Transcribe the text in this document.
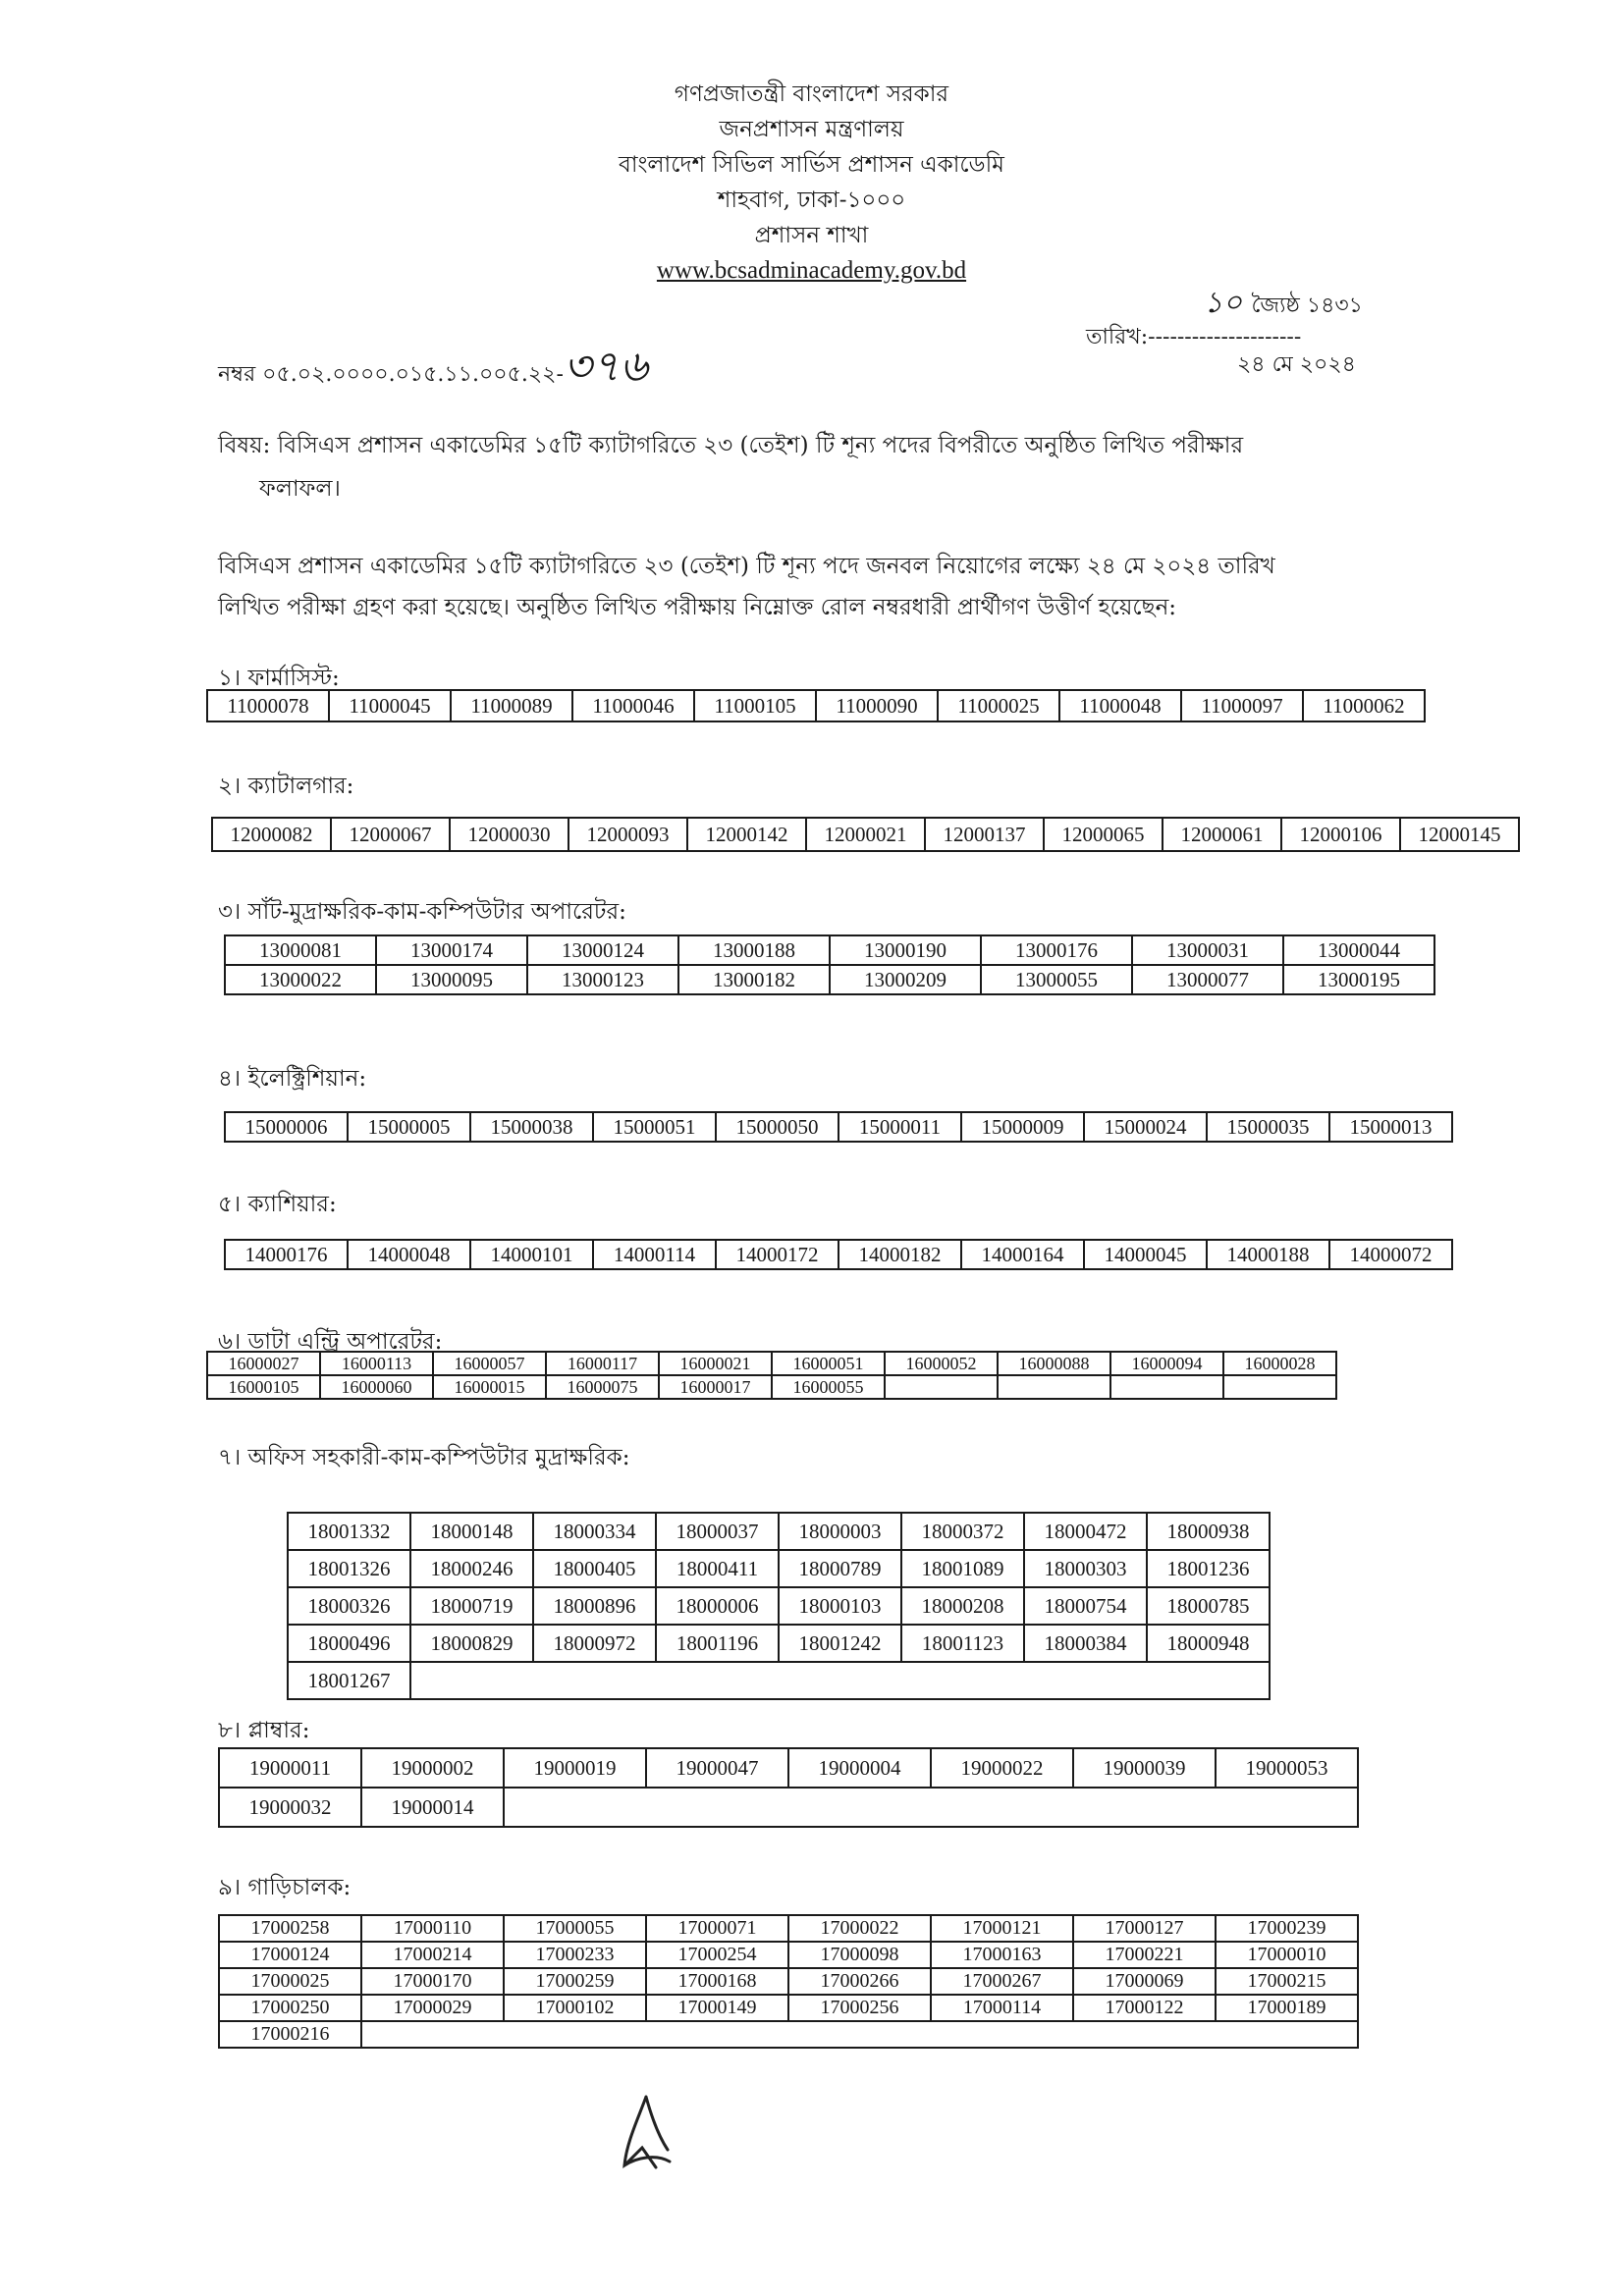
গণপ্রজাতন্ত্রী বাংলাদেশ সরকার
জনপ্রশাসন মন্ত্রণালয়
বাংলাদেশ সিভিল সার্ভিস প্রশাসন একাডেমি
শাহবাগ, ঢাকা-১০০০
প্রশাসন শাখা
www.bcsadminacademy.gov.bd
নম্বর ০৫.০২.০০০০.০১৫.১১.০০৫.২২-৩৭৬
১০ জ্যৈষ্ঠ ১৪৩১
তারিখ:---------------------
২৪ মে ২০২৪
বিষয়: বিসিএস প্রশাসন একাডেমির ১৫টি ক্যাটাগরিতে ২৩ (তেইশ) টি শূন্য পদের বিপরীতে অনুষ্ঠিত লিখিত পরীক্ষার
ফলাফল।
বিসিএস প্রশাসন একাডেমির ১৫টি ক্যাটাগরিতে ২৩ (তেইশ) টি শূন্য পদে জনবল নিয়োগের লক্ষ্যে ২৪ মে ২০২৪ তারিখ
লিখিত পরীক্ষা গ্রহণ করা হয়েছে। অনুষ্ঠিত লিখিত পরীক্ষায় নিম্নোক্ত রোল নম্বরধারী প্রার্থীগণ উত্তীর্ণ হয়েছেন:
১। ফার্মাসিস্ট:
11000078	11000045	11000089	11000046	11000105	11000090	11000025	11000048	11000097	11000062
২। ক্যাটালগার:
12000082	12000067	12000030	12000093	12000142	12000021	12000137	12000065	12000061	12000106	12000145
৩। সাঁট-মুদ্রাক্ষরিক-কাম-কম্পিউটার অপারেটর:
13000081	13000174	13000124	13000188	13000190	13000176	13000031	13000044
13000022	13000095	13000123	13000182	13000209	13000055	13000077	13000195
৪। ইলেক্ট্রিশিয়ান:
15000006	15000005	15000038	15000051	15000050	15000011	15000009	15000024	15000035	15000013
৫। ক্যাশিয়ার:
14000176	14000048	14000101	14000114	14000172	14000182	14000164	14000045	14000188	14000072
৬। ডাটা এন্ট্রি অপারেটর:
16000027	16000113	16000057	16000117	16000021	16000051	16000052	16000088	16000094	16000028
16000105	16000060	16000015	16000075	16000017	16000055				
৭। অফিস সহকারী-কাম-কম্পিউটার মুদ্রাক্ষরিক:
18001332	18000148	18000334	18000037	18000003	18000372	18000472	18000938
18001326	18000246	18000405	18000411	18000789	18001089	18000303	18001236
18000326	18000719	18000896	18000006	18000103	18000208	18000754	18000785
18000496	18000829	18000972	18001196	18001242	18001123	18000384	18000948
18001267							
৮। প্লাম্বার:
19000011	19000002	19000019	19000047	19000004	19000022	19000039	19000053
19000032	19000014						
৯। গাড়িচালক:
17000258	17000110	17000055	17000071	17000022	17000121	17000127	17000239
17000124	17000214	17000233	17000254	17000098	17000163	17000221	17000010
17000025	17000170	17000259	17000168	17000266	17000267	17000069	17000215
17000250	17000029	17000102	17000149	17000256	17000114	17000122	17000189
17000216							
